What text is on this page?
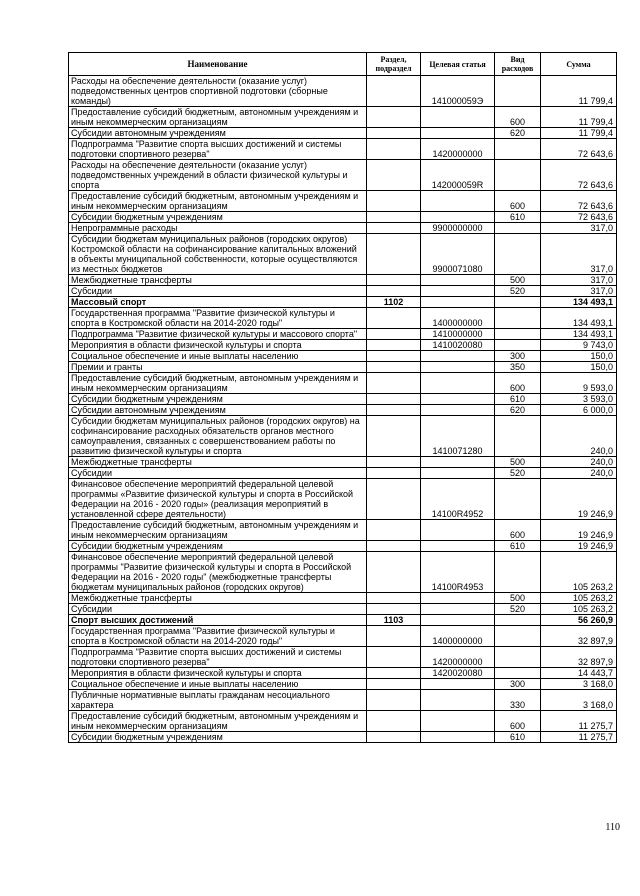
Наименование	Раздел, подраздел	Целевая статья	Вид расходов	Сумма
Расходы на обеспечение деятельности (оказание услуг) подведомственных центров спортивной подготовки (сборные команды)		141000059Э		11 799,4
Предоставление субсидий бюджетным, автономным учреждениям и иным некоммерческим организациям			600	11 799,4
Субсидии автономным учреждениям			620	11 799,4
Подпрограмма "Развитие спорта высших достижений и системы подготовки спортивного резерва"		1420000000		72 643,6
Расходы на обеспечение деятельности (оказание услуг) подведомственных учреждений в области физической культуры и спорта		142000059R		72 643,6
Предоставление субсидий бюджетным, автономным учреждениям и иным некоммерческим организациям			600	72 643,6
Субсидии бюджетным учреждениям			610	72 643,6
Непрограммные расходы		9900000000		317,0
Субсидии бюджетам муниципальных районов (городских округов) Костромской области на софинансирование капитальных вложений в объекты муниципальной собственности, которые осуществляются из местных бюджетов		9900071080		317,0
Межбюджетные трансферты			500	317,0
Субсидии			520	317,0
Массовый спорт	1102			134 493,1
Государственная программа "Развитие физической культуры и спорта в Костромской области на 2014-2020 годы"		1400000000		134 493,1
Подпрограмма "Развитие физической культуры и массового спорта"		1410000000		134 493,1
Мероприятия в области физической культуры и спорта		1410020080		9 743,0
Социальное обеспечение и иные выплаты населению			300	150,0
Премии и гранты			350	150,0
Предоставление субсидий бюджетным, автономным учреждениям и иным некоммерческим организациям			600	9 593,0
Субсидии бюджетным учреждениям			610	3 593,0
Субсидии автономным учреждениям			620	6 000,0
Субсидии бюджетам муниципальных районов (городских округов) на софинансирование расходных обязательств органов местного самоуправления, связанных с совершенствованием работы по развитию физической культуры и спорта		1410071280		240,0
Межбюджетные трансферты			500	240,0
Субсидии			520	240,0
Финансовое обеспечение мероприятий федеральной целевой программы «Развитие физической культуры и спорта в Российской Федерации на 2016 - 2020 годы» (реализация мероприятий в установленной сфере деятельности)		14100R4952		19 246,9
Предоставление субсидий бюджетным, автономным учреждениям и иным некоммерческим организациям			600	19 246,9
Субсидии бюджетным учреждениям			610	19 246,9
Финансовое обеспечение мероприятий федеральной целевой программы "Развитие физической культуры и спорта в Российской Федерации на 2016 - 2020 годы" (межбюджетные трансферты бюджетам муниципальных районов (городских округов)		14100R4953		105 263,2
Межбюджетные трансферты			500	105 263,2
Субсидии			520	105 263,2
Спорт высших достижений	1103			56 260,9
Государственная программа "Развитие физической культуры и спорта в Костромской области на 2014-2020 годы"		1400000000		32 897,9
Подпрограмма "Развитие спорта высших достижений и системы подготовки спортивного резерва"		1420000000		32 897,9
Мероприятия в области физической культуры и спорта		1420020080		14 443,7
Социальное обеспечение и иные выплаты населению			300	3 168,0
Публичные нормативные выплаты гражданам несоциального характера			330	3 168,0
Предоставление субсидий бюджетным, автономным учреждениям и иным некоммерческим организациям			600	11 275,7
Субсидии бюджетным учреждениям			610	11 275,7
110
